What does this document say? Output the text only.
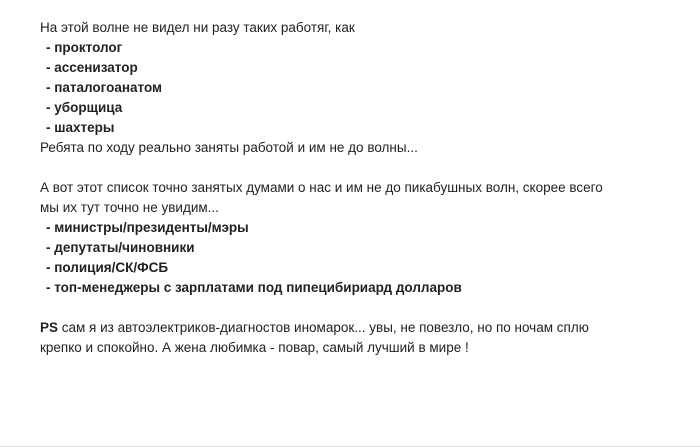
На этой волне не видел ни разу таких работяг, как
- проктолог
- ассенизатор
- паталогоанатом
- уборщица
- шахтеры
Ребята по ходу реально заняты работой и им не до волны...
А вот этот список точно занятых думами о нас и им не до пикабушных волн, скорее всего
мы их тут точно не увидим...
- министры/президенты/мэры
- депутаты/чиновники
- полиция/СК/ФСБ
- топ-менеджеры с зарплатами под пипецибириард долларов
PS сам я из автоэлектриков-диагностов иномарок... увы, не повезло, но по ночам сплю
крепко и спокойно. А жена любимка - повар, самый лучший в мире !
